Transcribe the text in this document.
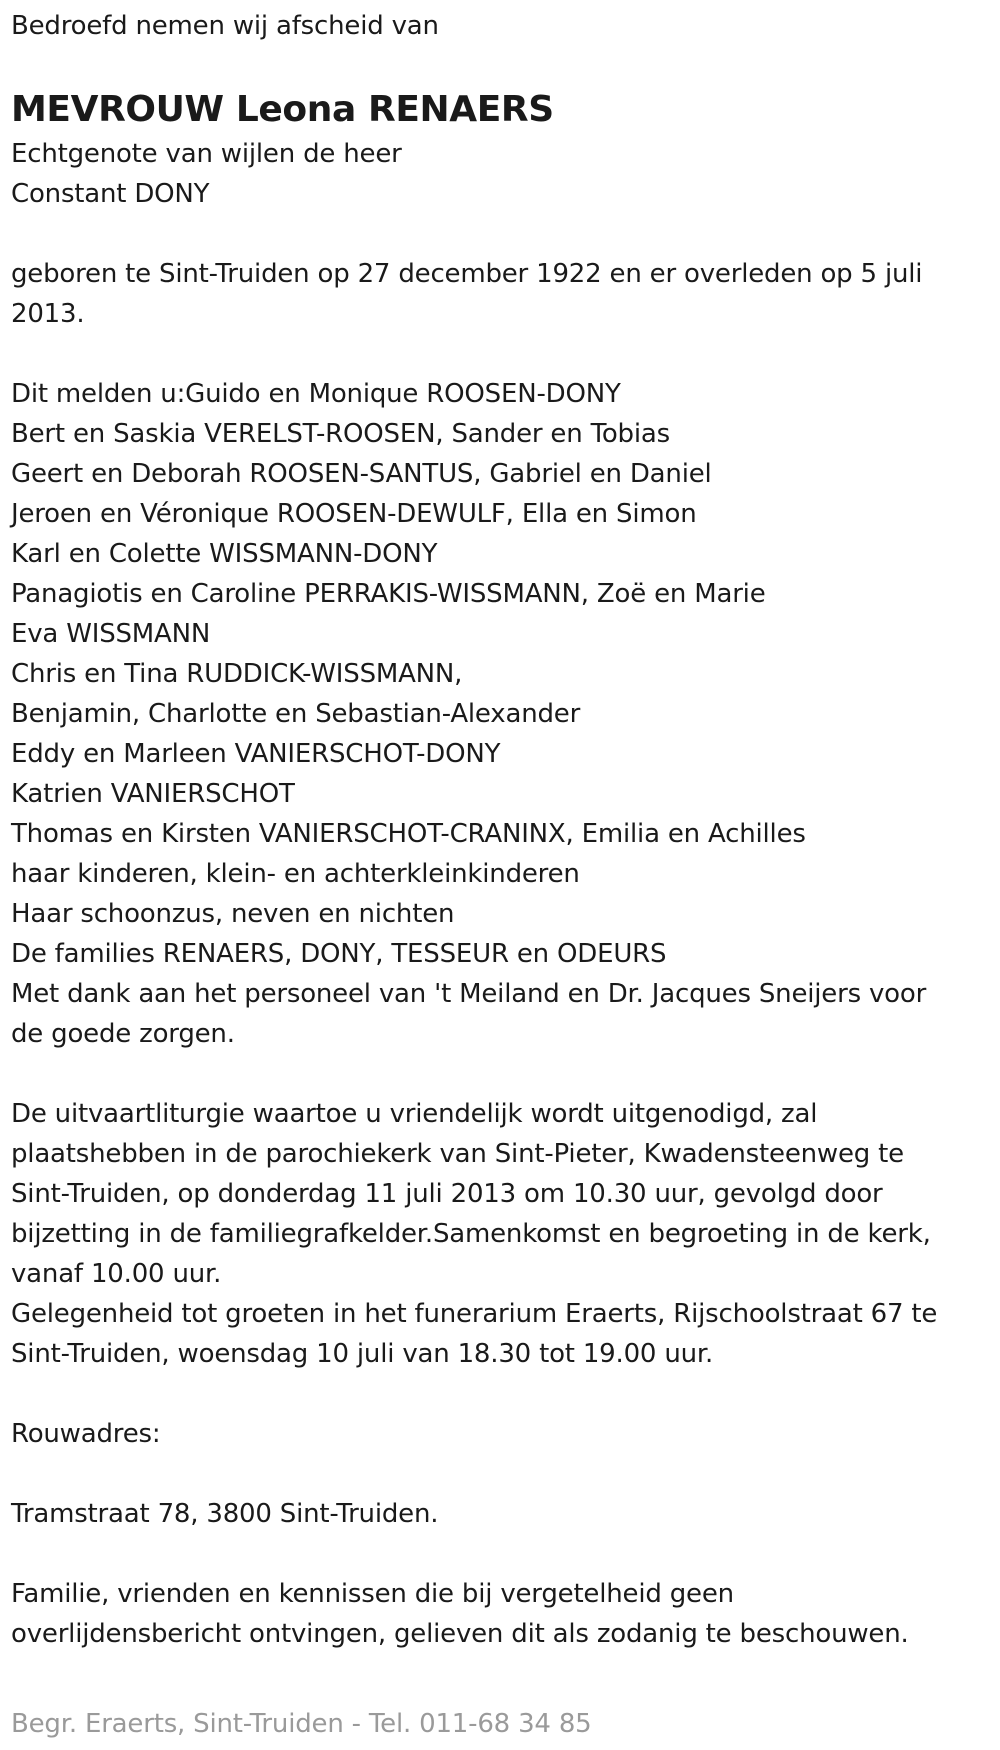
Bedroefd nemen wij afscheid van
MEVROUW Leona RENAERS
Echtgenote van wijlen de heer
Constant DONY
geboren te Sint-Truiden op 27 december 1922 en er overleden op 5 juli
2013.
Dit melden u:Guido en Monique ROOSEN-DONY
Bert en Saskia VERELST-ROOSEN, Sander en Tobias
Geert en Deborah ROOSEN-SANTUS, Gabriel en Daniel
Jeroen en Véronique ROOSEN-DEWULF, Ella en Simon
Karl en Colette WISSMANN-DONY
Panagiotis en Caroline PERRAKIS-WISSMANN, Zoë en Marie
Eva WISSMANN
Chris en Tina RUDDICK-WISSMANN,
Benjamin, Charlotte en Sebastian-Alexander
Eddy en Marleen VANIERSCHOT-DONY
Katrien VANIERSCHOT
Thomas en Kirsten VANIERSCHOT-CRANINX, Emilia en Achilles
haar kinderen, klein- en achterkleinkinderen
Haar schoonzus, neven en nichten
De families RENAERS, DONY, TESSEUR en ODEURS
Met dank aan het personeel van 't Meiland en Dr. Jacques Sneijers voor
de goede zorgen.
De uitvaartliturgie waartoe u vriendelijk wordt uitgenodigd, zal
plaatshebben in de parochiekerk van Sint-Pieter, Kwadensteenweg te
Sint-Truiden, op donderdag 11 juli 2013 om 10.30 uur, gevolgd door
bijzetting in de familiegrafkelder.Samenkomst en begroeting in de kerk,
vanaf 10.00 uur.
Gelegenheid tot groeten in het funerarium Eraerts, Rijschoolstraat 67 te
Sint-Truiden, woensdag 10 juli van 18.30 tot 19.00 uur.
Rouwadres:
Tramstraat 78, 3800 Sint-Truiden.
Familie, vrienden en kennissen die bij vergetelheid geen
overlijdensbericht ontvingen, gelieven dit als zodanig te beschouwen.
Begr. Eraerts, Sint-Truiden - Tel. 011-68 34 85
